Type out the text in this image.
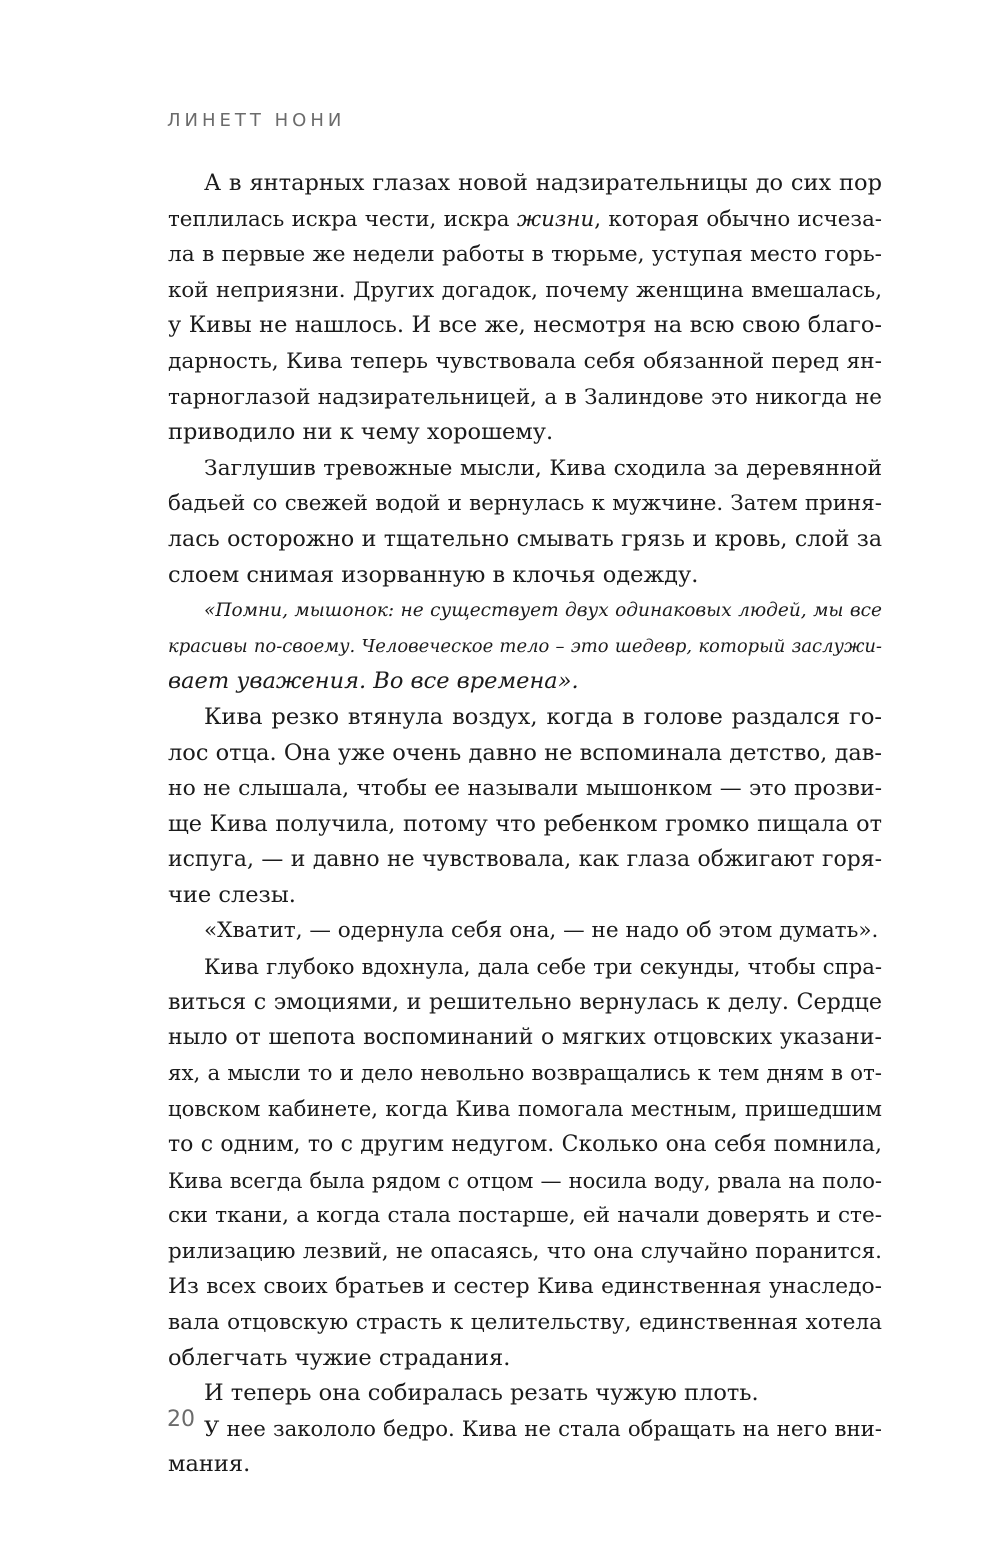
ЛИНЕТТ НОНИ

А в янтарных глазах новой надзирательницы до сих пор
теплилась искра чести, искра жизни, которая обычно исчеза-
ла в первые же недели работы в тюрьме, уступая место горь-
кой неприязни. Других догадок, почему женщина вмешалась,
у Кивы не нашлось. И все же, несмотря на всю свою благо-
дарность, Кива теперь чувствовала себя обязанной перед ян-
тарноглазой надзирательницей, а в Залиндове это никогда не
приводило ни к чему хорошему.

Заглушив тревожные мысли, Кива сходила за деревянной
бадьей со свежей водой и вернулась к мужчине. Затем приня-
лась осторожно и тщательно смывать грязь и кровь, слой за
слоем снимая изорванную в клочья одежду.

«Помни, мышонок: не существует двух одинаковых людей, мы все
красивы по-своему. Человеческое тело – это шедевр, который заслужи-
вает уважения. Во все времена».

Кива резко втянула воздух, когда в голове раздался го-
лос отца. Она уже очень давно не вспоминала детство, дав-
но не слышала, чтобы ее называли мышонком — это прозви-
ще Кива получила, потому что ребенком громко пищала от
испуга, — и давно не чувствовала, как глаза обжигают горя-
чие слезы.

«Хватит, — одернула себя она, — не надо об этом думать».

Кива глубоко вдохнула, дала себе три секунды, чтобы спра-
виться с эмоциями, и решительно вернулась к делу. Сердце
ныло от шепота воспоминаний о мягких отцовских указани-
ях, а мысли то и дело невольно возвращались к тем дням в от-
цовском кабинете, когда Кива помогала местным, пришедшим
то с одним, то с другим недугом. Сколько она себя помнила,
Кива всегда была рядом с отцом — носила воду, рвала на поло-
ски ткани, а когда стала постарше, ей начали доверять и сте-
рилизацию лезвий, не опасаясь, что она случайно поранится.
Из всех своих братьев и сестер Кива единственная унаследо-
вала отцовскую страсть к целительству, единственная хотела
облегчать чужие страдания.

И теперь она собиралась резать чужую плоть.

У нее закололо бедро. Кива не стала обращать на него вни-
мания.

20
